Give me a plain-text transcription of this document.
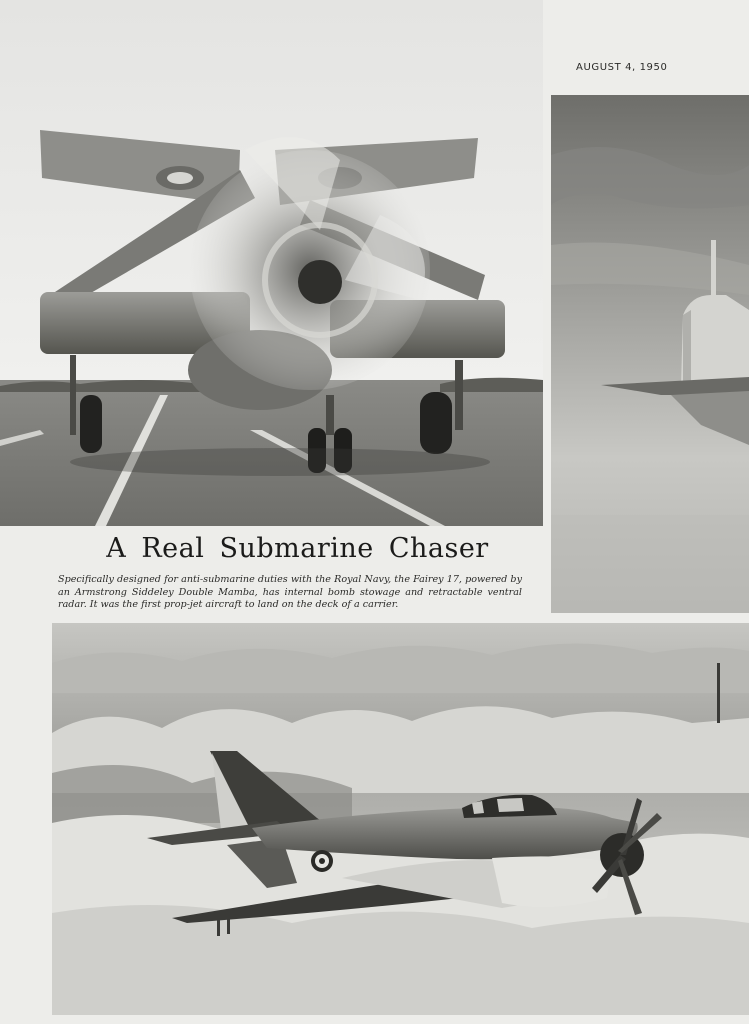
AUGUST 4, 1950
A Real Submarine Chaser

Specifically designed for anti-submarine duties with the Royal Navy, the Fairey 17, powered by an Armstrong Siddeley Double Mamba, has internal bomb stowage and retractable ventral radar. It was the first prop-jet aircraft to land on the deck of a carrier.
